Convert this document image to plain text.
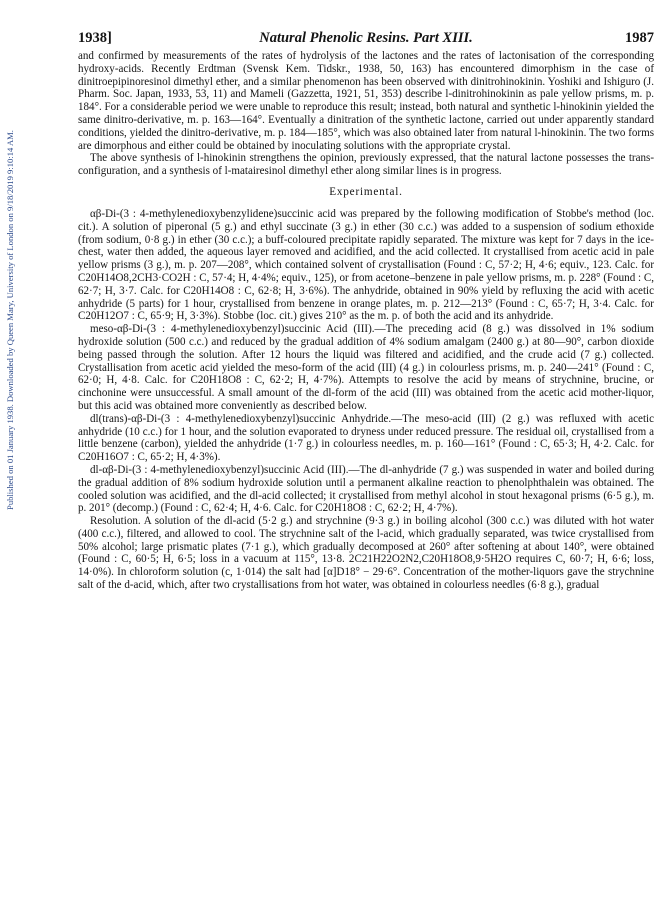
Published on 01 January 1938. Downloaded by Queen Mary, University of London on 9/18/2019 9:10:14 AM.
1938]	Natural Phenolic Resins. Part XIII.	1987

and confirmed by measurements of the rates of hydrolysis of the lactones and the rates of lactonisation of the corresponding hydroxy-acids. Recently Erdtman (Svensk Kem. Tidskr., 1938, 50, 163) has encountered dimorphism in the case of dinitroepipinoresinol dimethyl ether, and a similar phenomenon has been observed with dinitrohinokinin. Yoshiki and Ishiguro (J. Pharm. Soc. Japan, 1933, 53, 11) and Mameli (Gazzetta, 1921, 51, 353) describe l-dinitrohinokinin as pale yellow prisms, m. p. 184°. For a considerable period we were unable to reproduce this result; instead, both natural and synthetic l-hinokinin yielded the same dinitro-derivative, m. p. 163—164°. Eventually a dinitration of the synthetic lactone, carried out under apparently standard conditions, yielded the dinitro-derivative, m. p. 184—185°, which was also obtained later from natural l-hinokinin. The two forms are dimorphous and either could be obtained by inoculating solutions with the appropriate crystal.

The above synthesis of l-hinokinin strengthens the opinion, previously expressed, that the natural lactone possesses the trans-configuration, and a synthesis of l-matairesinol dimethyl ether along similar lines is in progress.

Experimental.

αβ-Di-(3 : 4-methylenedioxybenzylidene)succinic acid was prepared by the following modification of Stobbe's method (loc. cit.). A solution of piperonal (5 g.) and ethyl succinate (3 g.) in ether (30 c.c.) was added to a suspension of sodium ethoxide (from sodium, 0·8 g.) in ether (30 c.c.); a buff-coloured precipitate rapidly separated. The mixture was kept for 7 days in the ice-chest, water then added, the aqueous layer removed and acidified, and the acid collected. It crystallised from acetic acid in pale yellow prisms (3 g.), m. p. 207—208°, which contained solvent of crystallisation (Found : C, 57·2; H, 4·6; equiv., 123. Calc. for C20H14O8,2CH3·CO2H : C, 57·4; H, 4·4%; equiv., 125), or from acetone–benzene in pale yellow prisms, m. p. 228° (Found : C, 62·7; H, 3·7. Calc. for C20H14O8 : C, 62·8; H, 3·6%). The anhydride, obtained in 90% yield by refluxing the acid with acetic anhydride (5 parts) for 1 hour, crystallised from benzene in orange plates, m. p. 212—213° (Found : C, 65·7; H, 3·4. Calc. for C20H12O7 : C, 65·9; H, 3·3%). Stobbe (loc. cit.) gives 210° as the m. p. of both the acid and its anhydride.

meso-αβ-Di-(3 : 4-methylenedioxybenzyl)succinic Acid (III).—The preceding acid (8 g.) was dissolved in 1% sodium hydroxide solution (500 c.c.) and reduced by the gradual addition of 4% sodium amalgam (2400 g.) at 80—90°, carbon dioxide being passed through the solution. After 12 hours the liquid was filtered and acidified, and the crude acid (7 g.) collected. Crystallisation from acetic acid yielded the meso-form of the acid (III) (4 g.) in colourless prisms, m. p. 240—241° (Found : C, 62·0; H, 4·8. Calc. for C20H18O8 : C, 62·2; H, 4·7%). Attempts to resolve the acid by means of strychnine, brucine, or cinchonine were unsuccessful. A small amount of the dl-form of the acid (III) was obtained from the acetic acid mother-liquor, but this acid was obtained more conveniently as described below.

dl(trans)-αβ-Di-(3 : 4-methylenedioxybenzyl)succinic Anhydride.—The meso-acid (III) (2 g.) was refluxed with acetic anhydride (10 c.c.) for 1 hour, and the solution evaporated to dryness under reduced pressure. The residual oil, crystallised from a little benzene (carbon), yielded the anhydride (1·7 g.) in colourless needles, m. p. 160—161° (Found : C, 65·3; H, 4·2. Calc. for C20H16O7 : C, 65·2; H, 4·3%).

dl-αβ-Di-(3 : 4-methylenedioxybenzyl)succinic Acid (III).—The dl-anhydride (7 g.) was suspended in water and boiled during the gradual addition of 8% sodium hydroxide solution until a permanent alkaline reaction to phenolphthalein was obtained. The cooled solution was acidified, and the dl-acid collected; it crystallised from methyl alcohol in stout hexagonal prisms (6·5 g.), m. p. 201° (decomp.) (Found : C, 62·4; H, 4·6. Calc. for C20H18O8 : C, 62·2; H, 4·7%).

Resolution. A solution of the dl-acid (5·2 g.) and strychnine (9·3 g.) in boiling alcohol (300 c.c.) was diluted with hot water (400 c.c.), filtered, and allowed to cool. The strychnine salt of the l-acid, which gradually separated, was twice crystallised from 50% alcohol; large prismatic plates (7·1 g.), which gradually decomposed at 260° after softening at about 140°, were obtained (Found : C, 60·5; H, 6·5; loss in a vacuum at 115°, 13·8. 2C21H22O2N2,C20H18O8,9·5H2O requires C, 60·7; H, 6·6; loss, 14·0%). In chloroform solution (c, 1·014) the salt had [α]D18° − 29·6°. Concentration of the mother-liquors gave the strychnine salt of the d-acid, which, after two crystallisations from hot water, was obtained in colourless needles (6·8 g.), gradual
